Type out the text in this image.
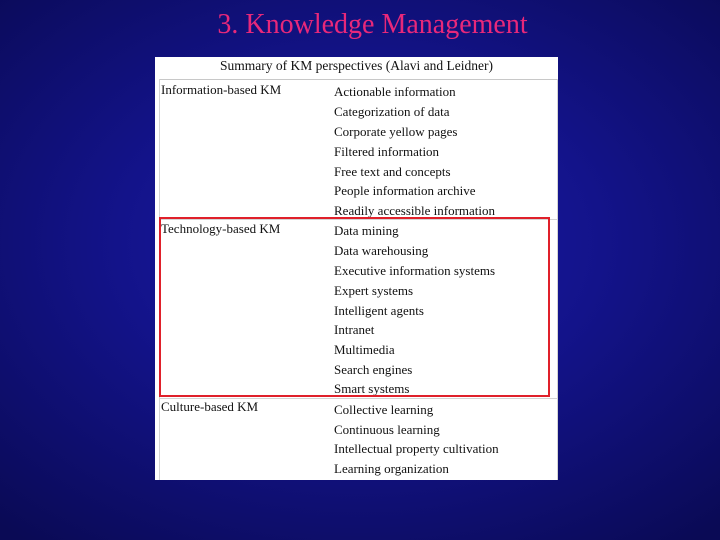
3. Knowledge Management
Summary of KM perspectives (Alavi and Leidner)
Information-based KM	Actionable information
Categorization of data
Corporate yellow pages
Filtered information
Free text and concepts
People information archive
Readily accessible information
Technology-based KM	Data mining
Data warehousing
Executive information systems
Expert systems
Intelligent agents
Intranet
Multimedia
Search engines
Smart systems
Culture-based KM	Collective learning
Continuous learning
Intellectual property cultivation
Learning organization
